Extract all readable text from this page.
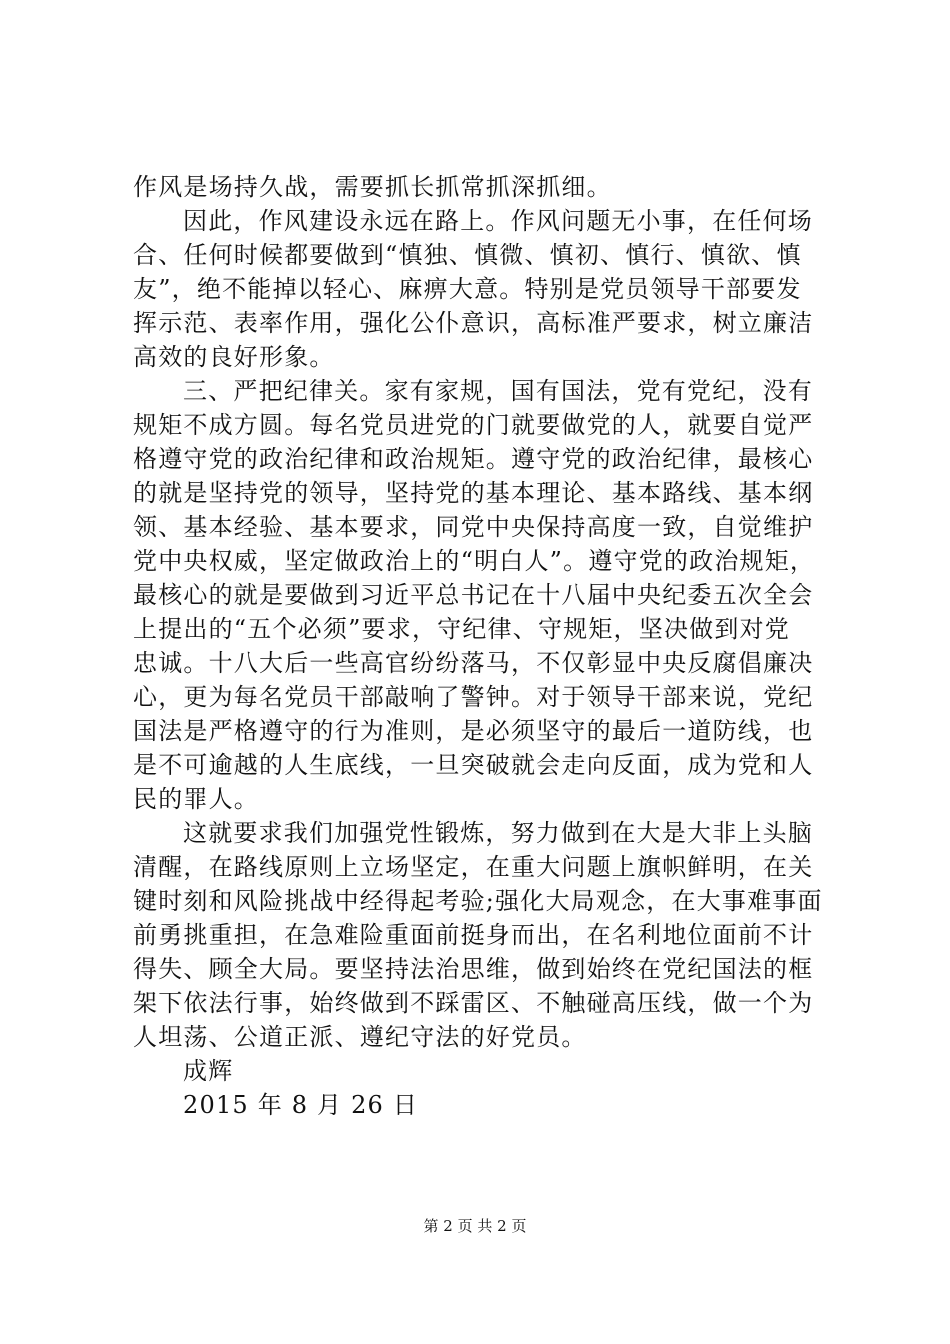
作风是场持久战，需要抓长抓常抓深抓细。
因此，作风建设永远在路上。作风问题无小事，在任何场
合、任何时候都要做到“慎独、慎微、慎初、慎行、慎欲、慎
友”，绝不能掉以轻心、麻痹大意。特别是党员领导干部要发
挥示范、表率作用，强化公仆意识，高标准严要求，树立廉洁
高效的良好形象。
三、严把纪律关。家有家规，国有国法，党有党纪，没有
规矩不成方圆。每名党员进党的门就要做党的人，就要自觉严
格遵守党的政治纪律和政治规矩。遵守党的政治纪律，最核心
的就是坚持党的领导，坚持党的基本理论、基本路线、基本纲
领、基本经验、基本要求，同党中央保持高度一致，自觉维护
党中央权威，坚定做政治上的“明白人”。遵守党的政治规矩，
最核心的就是要做到习近平总书记在十八届中央纪委五次全会
上提出的“五个必须”要求，守纪律、守规矩，坚决做到对党
忠诚。十八大后一些高官纷纷落马，不仅彰显中央反腐倡廉决
心，更为每名党员干部敲响了警钟。对于领导干部来说，党纪
国法是严格遵守的行为准则，是必须坚守的最后一道防线，也
是不可逾越的人生底线，一旦突破就会走向反面，成为党和人
民的罪人。
这就要求我们加强党性锻炼，努力做到在大是大非上头脑
清醒，在路线原则上立场坚定，在重大问题上旗帜鲜明，在关
键时刻和风险挑战中经得起考验;强化大局观念，在大事难事面
前勇挑重担，在急难险重面前挺身而出，在名利地位面前不计
得失、顾全大局。要坚持法治思维，做到始终在党纪国法的框
架下依法行事，始终做到不踩雷区、不触碰高压线，做一个为
人坦荡、公道正派、遵纪守法的好党员。
成辉
2015 年 8 月 26 日
第 2 页 共 2 页
